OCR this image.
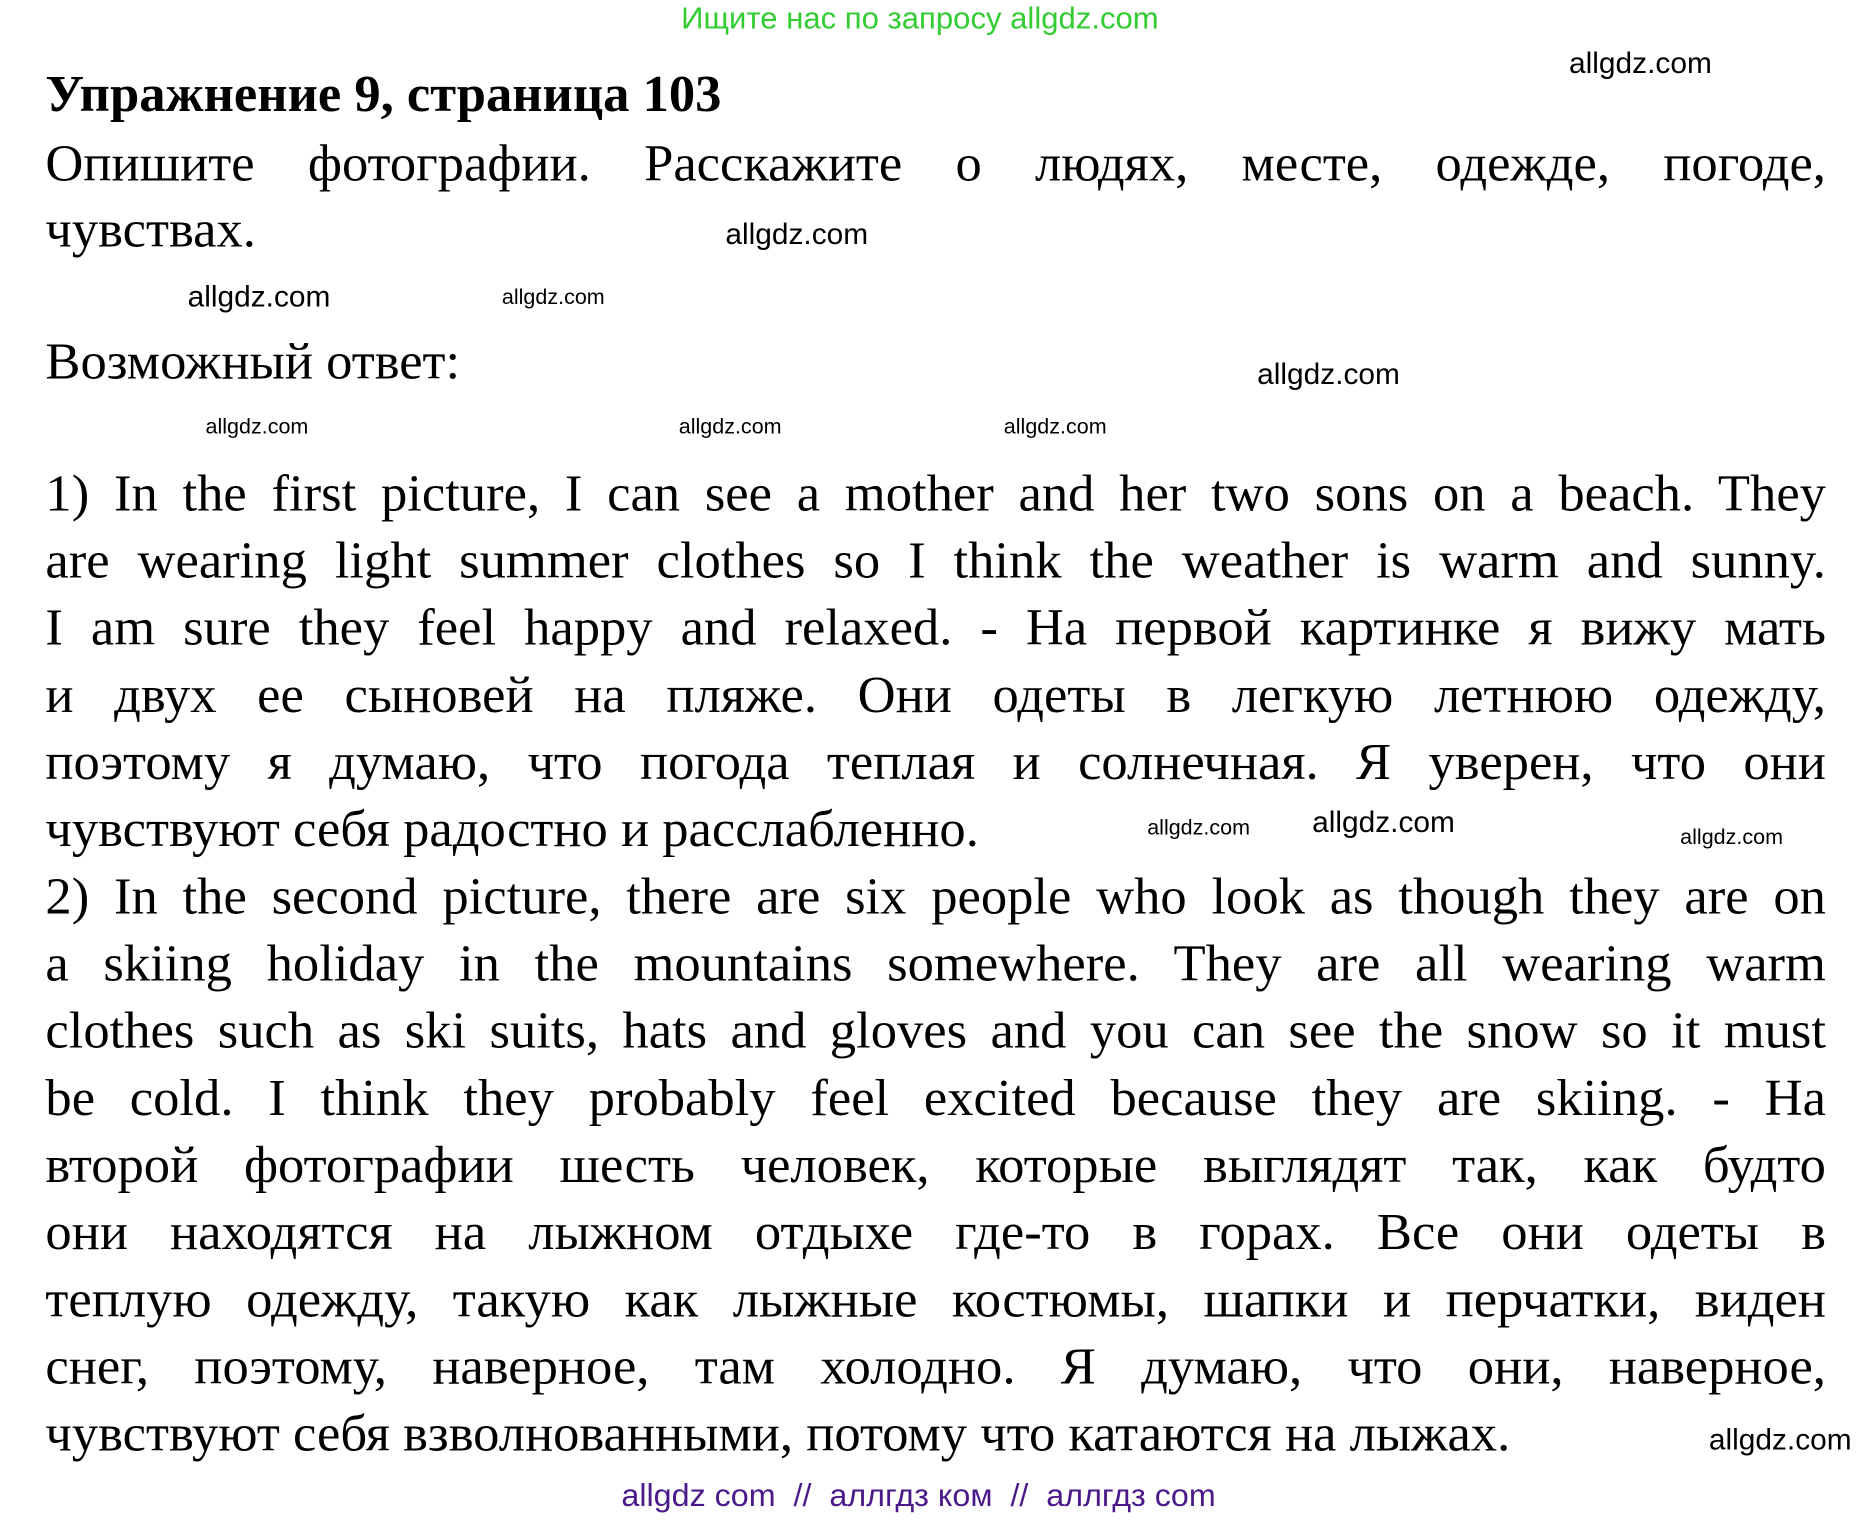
Ищите нас по запросу allgdz.com
Упражнение 9, страница 103
Опишите фотографии. Расскажите о людях, месте, одежде, погоде,
чувствах.
Возможный ответ:
1) In the first picture, I can see a mother and her two sons on a beach. They
are wearing light summer clothes so I think the weather is warm and sunny.
I am sure they feel happy and relaxed. - На первой картинке я вижу мать
и двух ее сыновей на пляже. Они одеты в легкую летнюю одежду,
поэтому я думаю, что погода теплая и солнечная. Я уверен, что они
чувствуют себя радостно и расслабленно.
2) In the second picture, there are six people who look as though they are on
a skiing holiday in the mountains somewhere. They are all wearing warm
clothes such as ski suits, hats and gloves and you can see the snow so it must
be cold. I think they probably feel excited because they are skiing. - На
второй фотографии шесть человек, которые выглядят так, как будто
они находятся на лыжном отдыхе где-то в горах. Все они одеты в
теплую одежду, такую как лыжные костюмы, шапки и перчатки, виден
снег, поэтому, наверное, там холодно. Я думаю, что они, наверное,
чувствуют себя взволнованными, потому что катаются на лыжах.
allgdz.com
allgdz.com
allgdz.com	allgdz.com
allgdz.com
allgdz.com	allgdz.com	allgdz.com
allgdz.com allgdz.com	allgdz.com
allgdz.com
allgdz com  //  аллгдз ком  //  аллгдз com
